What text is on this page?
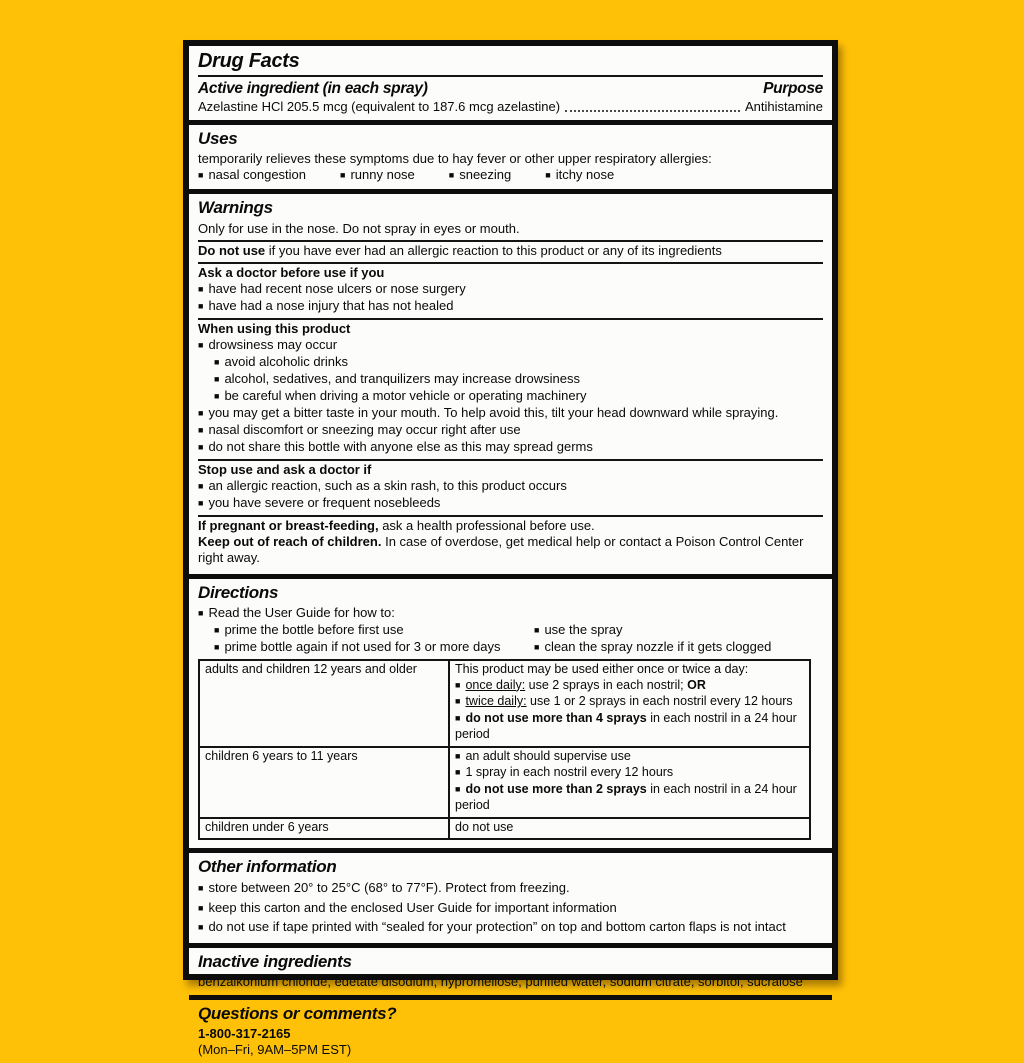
Drug Facts
Active ingredient (in each spray)	Purpose
Azelastine HCl 205.5 mcg (equivalent to 187.6 mcg azelastine)	Antihistamine
Uses
temporarily relieves these symptoms due to hay fever or other upper respiratory allergies:
■ nasal congestion	■ runny nose	■ sneezing	■ itchy nose
Warnings
Only for use in the nose. Do not spray in eyes or mouth.
Do not use if you have ever had an allergic reaction to this product or any of its ingredients
Ask a doctor before use if you
■ have had recent nose ulcers or nose surgery
■ have had a nose injury that has not healed
When using this product
■ drowsiness may occur
■ avoid alcoholic drinks
■ alcohol, sedatives, and tranquilizers may increase drowsiness
■ be careful when driving a motor vehicle or operating machinery
■ you may get a bitter taste in your mouth. To help avoid this, tilt your head downward while spraying.
■ nasal discomfort or sneezing may occur right after use
■ do not share this bottle with anyone else as this may spread germs
Stop use and ask a doctor if
■ an allergic reaction, such as a skin rash, to this product occurs
■ you have severe or frequent nosebleeds
If pregnant or breast-feeding, ask a health professional before use.
Keep out of reach of children. In case of overdose, get medical help or contact a Poison Control Center right away.
Directions
■ Read the User Guide for how to:
■ prime the bottle before first use	■ use the spray
■ prime bottle again if not used for 3 or more days	■ clean the spray nozzle if it gets clogged
adults and children 12 years and older	This product may be used either once or twice a day:
■ once daily: use 2 sprays in each nostril; OR
■ twice daily: use 1 or 2 sprays in each nostril every 12 hours
■ do not use more than 4 sprays in each nostril in a 24 hour period

children 6 years to 11 years	■ an adult should supervise use
■ 1 spray in each nostril every 12 hours
■ do not use more than 2 sprays in each nostril in a 24 hour period

children under 6 years	do not use
Other information
■ store between 20° to 25°C (68° to 77°F). Protect from freezing.
■ keep this carton and the enclosed User Guide for important information
■ do not use if tape printed with “sealed for your protection” on top and bottom carton flaps is not intact
Inactive ingredients
benzalkonium chloride, edetate disodium, hypromellose, purified water, sodium citrate, sorbitol, sucralose
Questions or comments?
1-800-317-2165
(Mon–Fri, 9AM–5PM EST)
